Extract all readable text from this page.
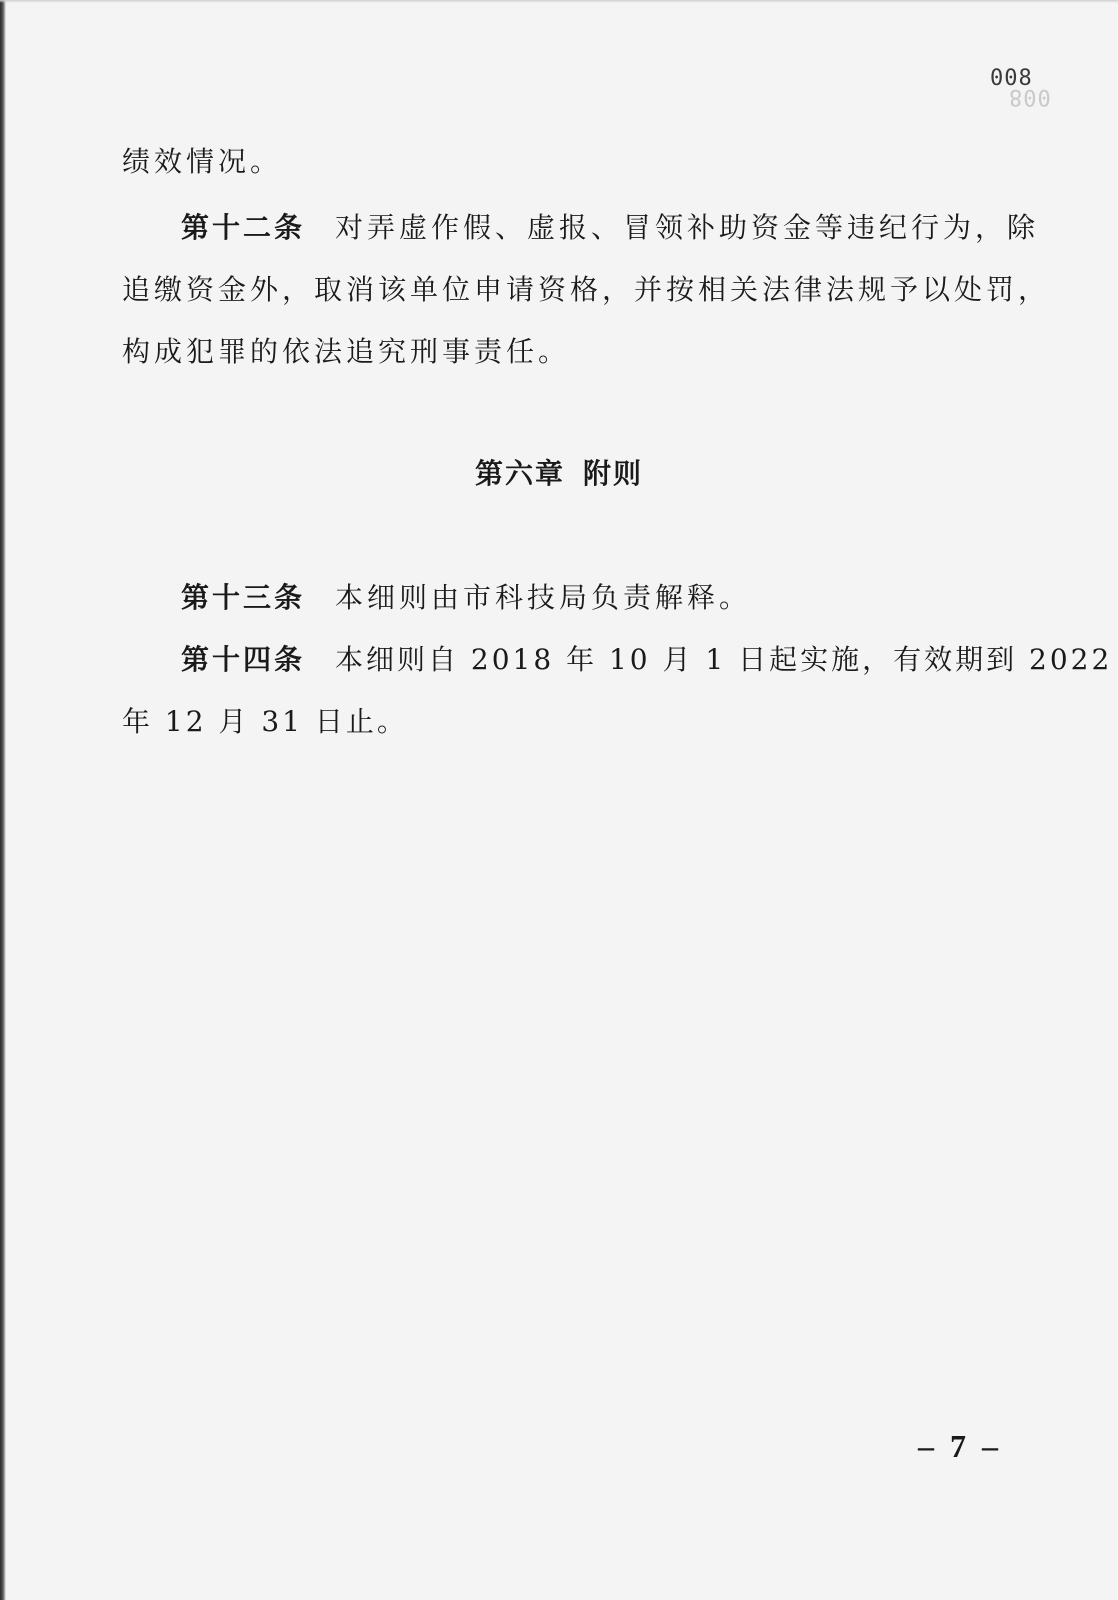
008
008
绩效情况。
第十二条 对弄虚作假、虚报、冒领补助资金等违纪行为，除
追缴资金外，取消该单位申请资格，并按相关法律法规予以处罚，
构成犯罪的依法追究刑事责任。
第六章 附则
第十三条 本细则由市科技局负责解释。
第十四条 本细则自 2018 年 10 月 1 日起实施，有效期到 2022
年 12 月 31 日止。
– 7 –
